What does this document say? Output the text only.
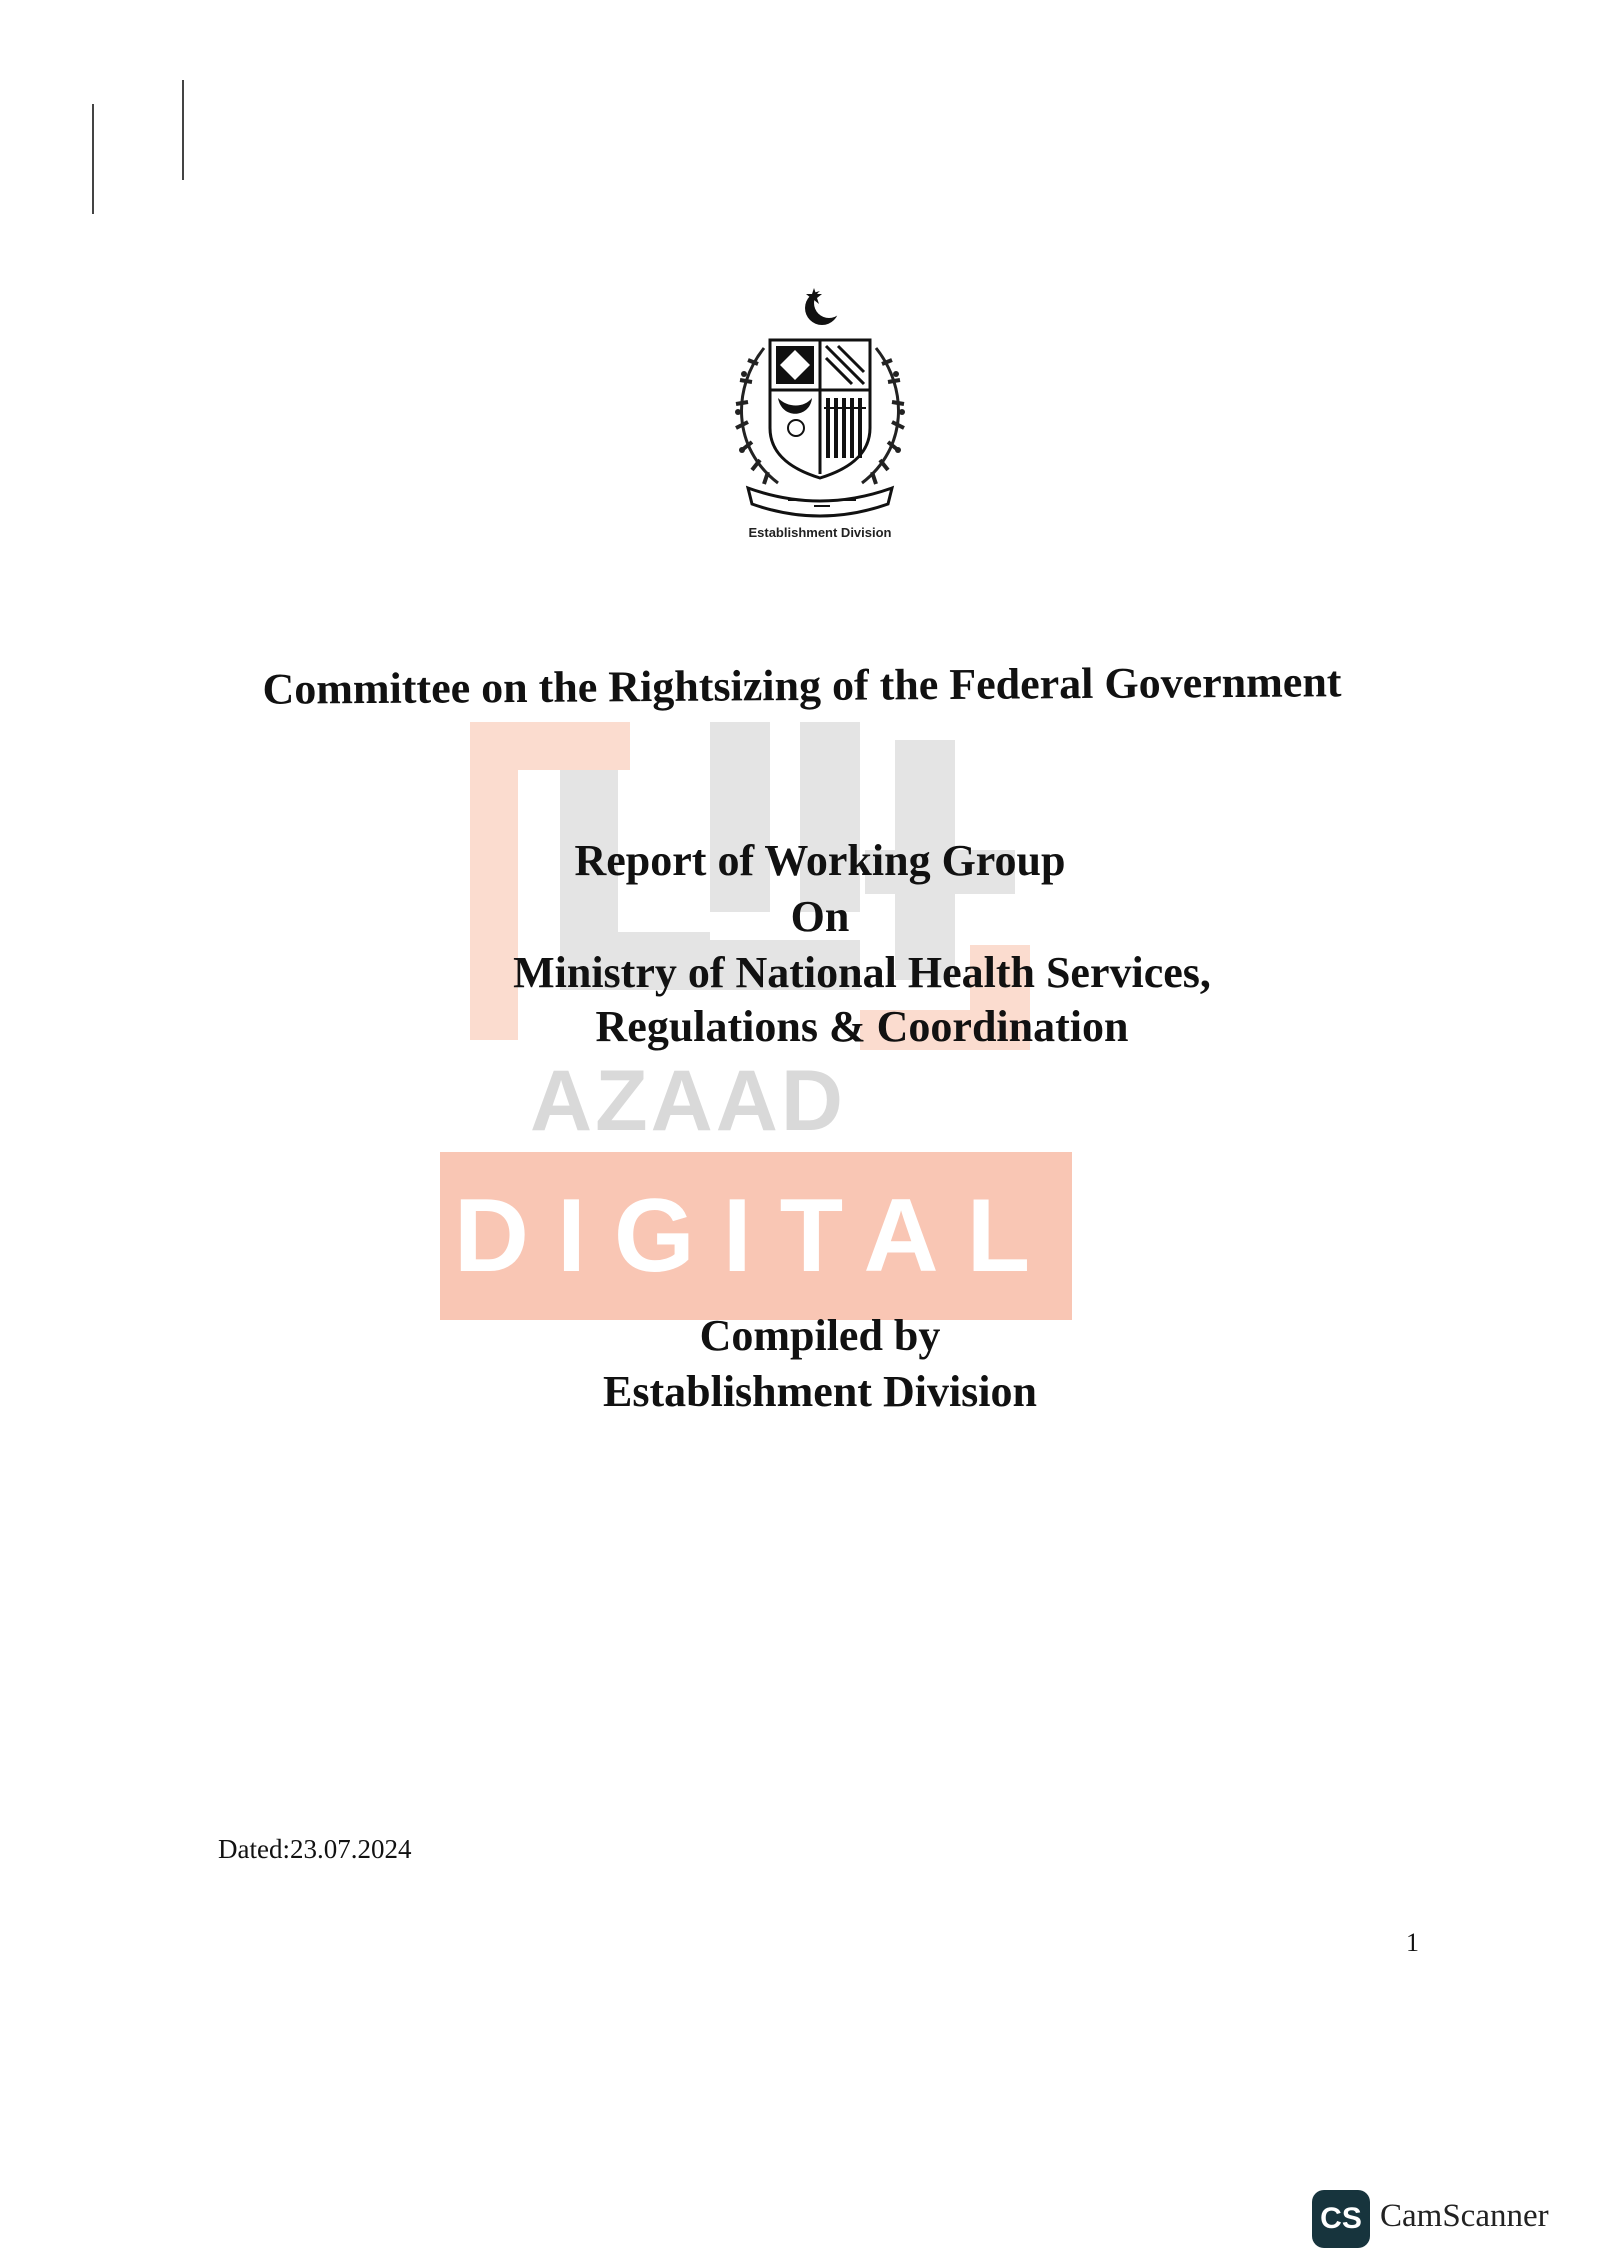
AZAAD
DIGITAL
Establishment Division
Committee on the Rightsizing of the Federal Government
Report of Working Group
On
Ministry of National Health Services,
Regulations & Coordination
Compiled by
Establishment Division
Dated:23.07.2024
1
CS CamScanner
